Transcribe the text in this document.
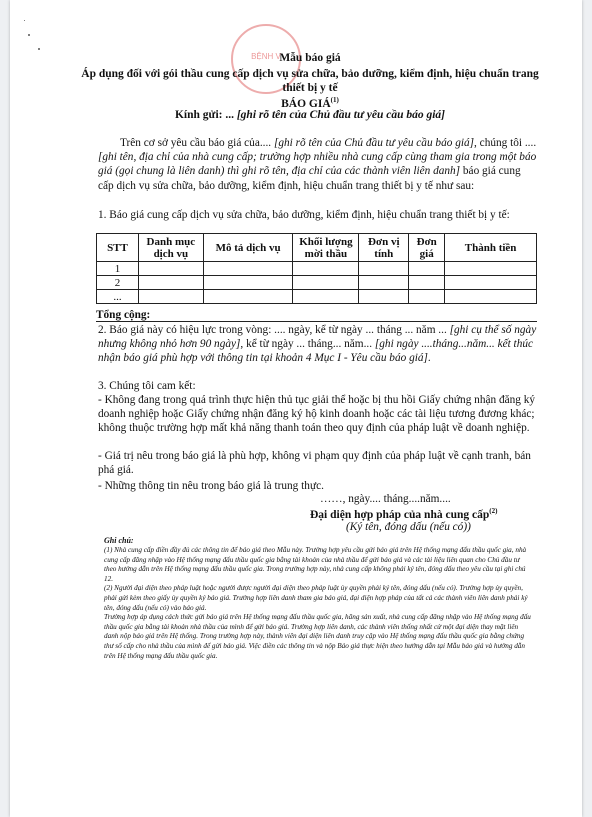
BỆNH V
Mẫu báo giá
Áp dụng đối với gói thầu cung cấp dịch vụ sửa chữa, bảo dưỡng, kiểm định, hiệu chuẩn trang thiết bị y tế
BÁO GIÁ$^{(1)}$
Kính gửi: ... [ghi rõ tên của Chủ đầu tư yêu cầu báo giá]
Trên cơ sở yêu cầu báo giá của.... [ghi rõ tên của Chủ đầu tư yêu cầu báo giá], chúng tôi .... [ghi tên, địa chỉ của nhà cung cấp; trường hợp nhiều nhà cung cấp cùng tham gia trong một báo giá (gọi chung là liên danh) thì ghi rõ tên, địa chỉ của các thành viên liên danh] báo giá cung cấp dịch vụ sửa chữa, bảo dưỡng, kiểm định, hiệu chuẩn trang thiết bị y tế như sau:
1. Báo giá cung cấp dịch vụ sửa chữa, bảo dưỡng, kiểm định, hiệu chuẩn trang thiết bị y tế:
STT	Danh mục dịch vụ	Mô tả dịch vụ	Khối lượng mời thầu	Đơn vị tính	Đơn giá	Thành tiền
1						
2						
...						
Tổng cộng:
2. Báo giá này có hiệu lực trong vòng: .... ngày, kể từ ngày ... tháng ... năm ... [ghi cụ thể số ngày nhưng không nhỏ hơn 90 ngày], kể từ ngày ... tháng... năm... [ghi ngày ....tháng...năm... kết thúc nhận báo giá phù hợp với thông tin tại khoản 4 Mục I - Yêu cầu báo giá].
3. Chúng tôi cam kết:
- Không đang trong quá trình thực hiện thủ tục giải thể hoặc bị thu hồi Giấy chứng nhận đăng ký doanh nghiệp hoặc Giấy chứng nhận đăng ký hộ kinh doanh hoặc các tài liệu tương đương khác; không thuộc trường hợp mất khả năng thanh toán theo quy định của pháp luật về doanh nghiệp.
- Giá trị nêu trong báo giá là phù hợp, không vi phạm quy định của pháp luật về cạnh tranh, bán phá giá.
- Những thông tin nêu trong báo giá là trung thực.
……, ngày.... tháng....năm....
Đại diện hợp pháp của nhà cung cấp$^{(2)}$
(Ký tên, đóng dấu (nếu có))
Ghi chú:
(1) Nhà cung cấp điền đầy đủ các thông tin để báo giá theo Mẫu này. Trường hợp yêu cầu gửi báo giá trên Hệ thống mạng đấu thầu quốc gia, nhà cung cấp đăng nhập vào Hệ thống mạng đấu thầu quốc gia bằng tài khoản của nhà thầu để gửi báo giá và các tài liệu liên quan cho Chủ đầu tư theo hướng dẫn trên Hệ thống mạng đấu thầu quốc gia. Trong trường hợp này, nhà cung cấp không phải ký tên, đóng dấu theo yêu cầu tại ghi chú 12.
(2) Người đại diện theo pháp luật hoặc người được người đại diện theo pháp luật ủy quyền phải ký tên, đóng dấu (nếu có). Trường hợp ủy quyền, phải gửi kèm theo giấy ủy quyền ký báo giá. Trường hợp liên danh tham gia báo giá, đại diện hợp pháp của tất cả các thành viên liên danh phải ký tên, đóng dấu (nếu có) vào báo giá.
Trường hợp áp dụng cách thức gửi báo giá trên Hệ thống mạng đấu thầu quốc gia, hãng sản xuất, nhà cung cấp đăng nhập vào Hệ thống mạng đấu thầu quốc gia bằng tài khoản nhà thầu của mình để gửi báo giá. Trường hợp liên danh, các thành viên thống nhất cử một đại diện thay mặt liên danh nộp báo giá trên Hệ thống. Trong trường hợp này, thành viên đại diện liên danh truy cập vào Hệ thống mạng đấu thầu quốc gia bằng chứng thư số cấp cho nhà thầu của mình để gửi báo giá. Việc điền các thông tin và nộp Báo giá thực hiện theo hướng dẫn tại Mẫu báo giá và hướng dẫn trên Hệ thống mạng đấu thầu quốc gia.
